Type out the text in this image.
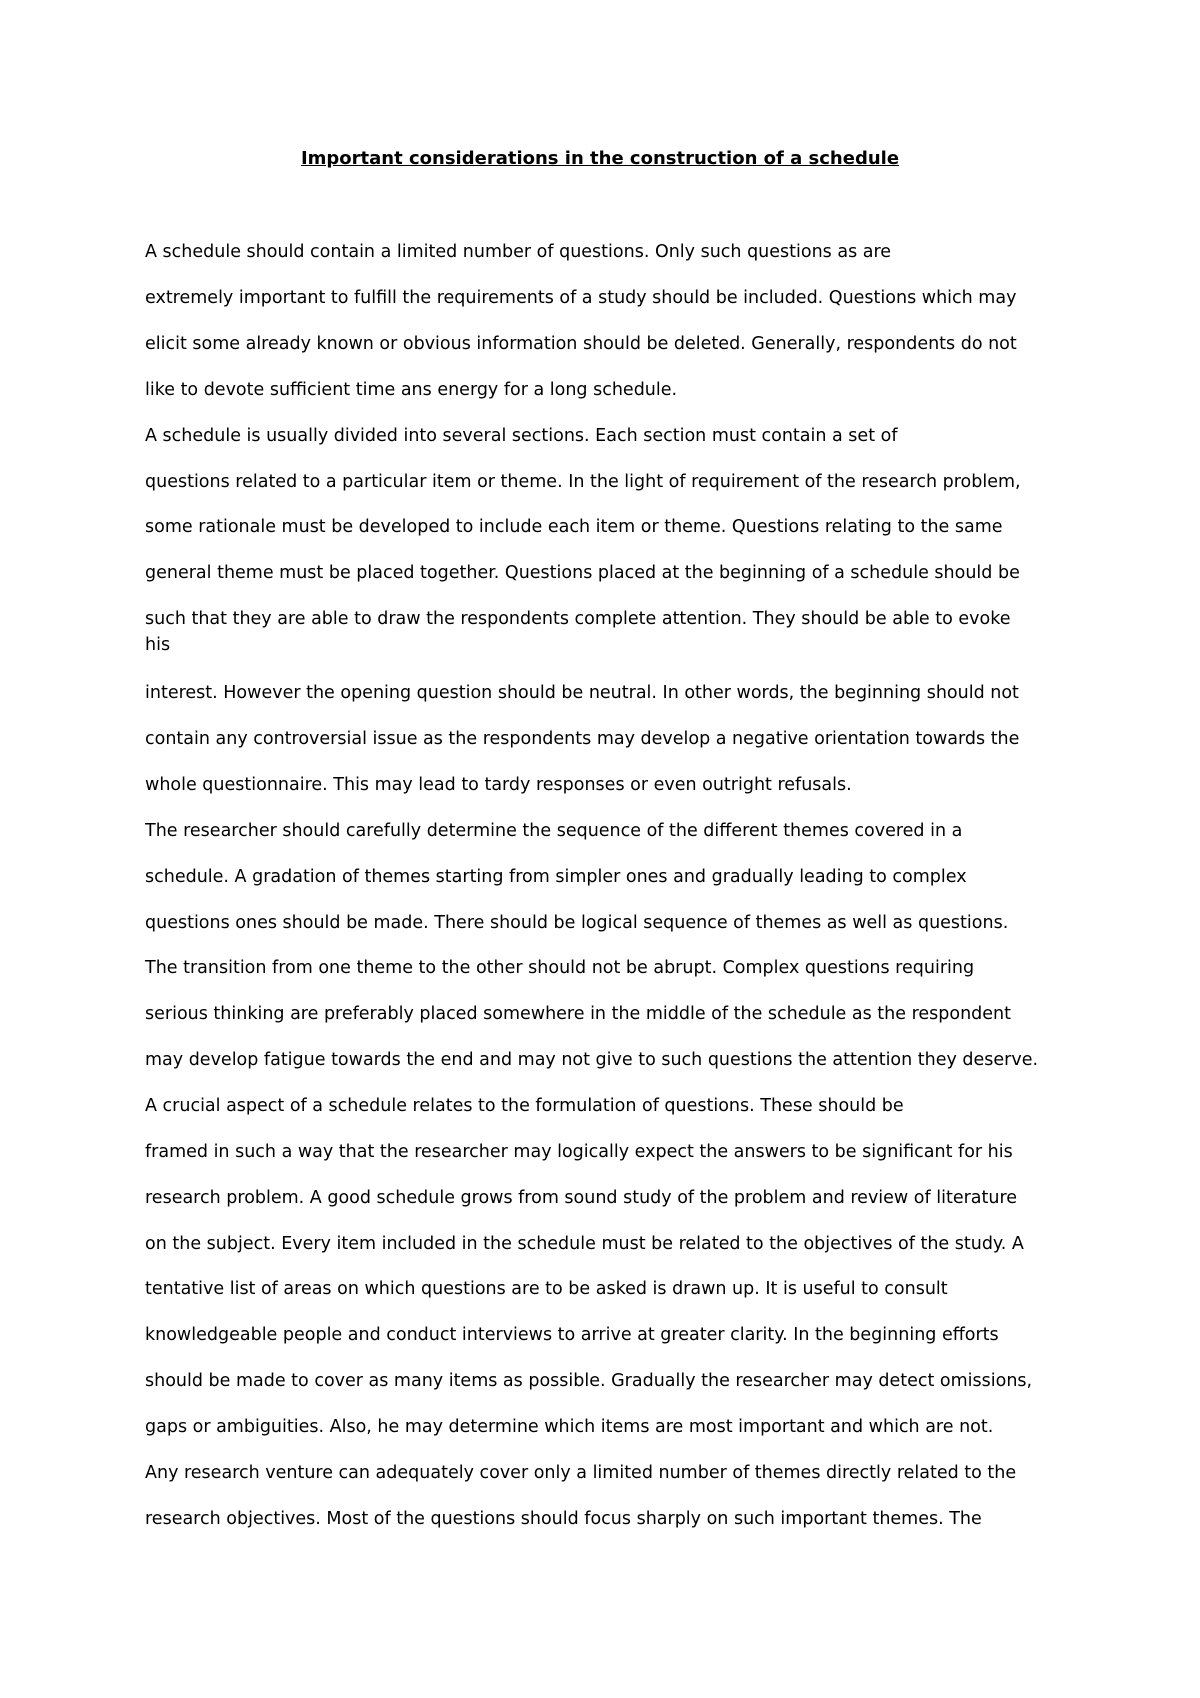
Important considerations in the construction of a schedule
A schedule should contain a limited number of questions. Only such questions as are
extremely important to fulfill the requirements of a study should be included. Questions which may
elicit some already known or obvious information should be deleted. Generally, respondents do not
like to devote sufficient time ans energy for a long schedule.
A schedule is usually divided into several sections. Each section must contain a set of
questions related to a particular item or theme. In the light of requirement of the research problem,
some rationale must be developed to include each item or theme. Questions relating to the same
general theme must be placed together. Questions placed at the beginning of a schedule should be
such that they are able to draw the respondents complete attention. They should be able to evoke
his
interest. However the opening question should be neutral. In other words, the beginning should not
contain any controversial issue as the respondents may develop a negative orientation towards the
whole questionnaire. This may lead to tardy responses or even outright refusals.
The researcher should carefully determine the sequence of the different themes covered in a
schedule. A gradation of themes starting from simpler ones and gradually leading to complex
questions ones should be made. There should be logical sequence of themes as well as questions.
The transition from one theme to the other should not be abrupt. Complex questions requiring
serious thinking are preferably placed somewhere in the middle of the schedule as the respondent
may develop fatigue towards the end and may not give to such questions the attention they deserve.
A crucial aspect of a schedule relates to the formulation of questions. These should be
framed in such a way that the researcher may logically expect the answers to be significant for his
research problem. A good schedule grows from sound study of the problem and review of literature
on the subject. Every item included in the schedule must be related to the objectives of the study. A
tentative list of areas on which questions are to be asked is drawn up. It is useful to consult
knowledgeable people and conduct interviews to arrive at greater clarity. In the beginning efforts
should be made to cover as many items as possible. Gradually the researcher may detect omissions,
gaps or ambiguities. Also, he may determine which items are most important and which are not.
Any research venture can adequately cover only a limited number of themes directly related to the
research objectives. Most of the questions should focus sharply on such important themes. The
